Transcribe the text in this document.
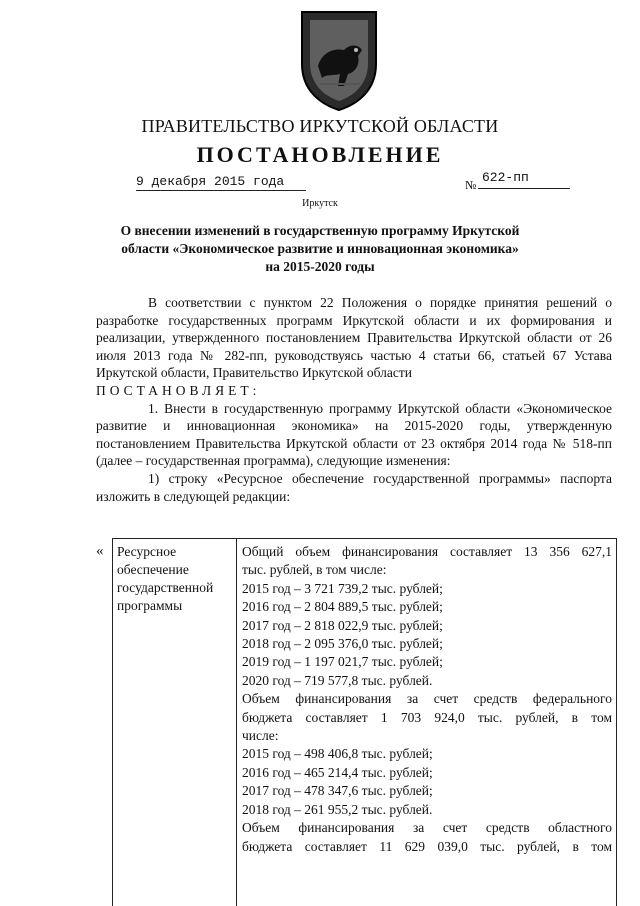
ПРАВИТЕЛЬСТВО ИРКУТСКОЙ ОБЛАСТИ
ПОСТАНОВЛЕНИЕ
9 декабря 2015 года	№ 622-пп
Иркутск
О внесении изменений в государственную программу Иркутской
области «Экономическое развитие и инновационная экономика»
на 2015-2020 годы

В соответствии с пунктом 22 Положения о порядке принятия решений о разработке государственных программ Иркутской области и их формирования и реализации, утвержденного постановлением Правительства Иркутской области от 26 июля 2013 года № 282-пп, руководствуясь частью 4 статьи 66, статьей 67 Устава Иркутской области, Правительство Иркутской области

ПОСТАНОВЛЯЕТ:

1. Внести в государственную программу Иркутской области «Экономическое развитие и инновационная экономика» на 2015-2020 годы, утвержденную постановлением Правительства Иркутской области от 23 октября 2014 года № 518-пп (далее – государственная программа), следующие изменения:

1) строку «Ресурсное обеспечение государственной программы» паспорта изложить в следующей редакции:

« Ресурсное обеспечение государственной программы
Общий объем финансирования составляет 13 356 627,1
тыс. рублей, в том числе:
2015 год – 3 721 739,2 тыс. рублей;
2016 год – 2 804 889,5 тыс. рублей;
2017 год – 2 818 022,9 тыс. рублей;
2018 год – 2 095 376,0 тыс. рублей;
2019 год – 1 197 021,7 тыс. рублей;
2020 год – 719 577,8 тыс. рублей.
Объем финансирования за счет средств федерального
бюджета составляет 1 703 924,0 тыс. рублей, в том
числе:
2015 год – 498 406,8 тыс. рублей;
2016 год – 465 214,4 тыс. рублей;
2017 год – 478 347,6 тыс. рублей;
2018 год – 261 955,2 тыс. рублей.
Объем финансирования за счет средств областного
бюджета составляет 11 629 039,0 тыс. рублей, в том
